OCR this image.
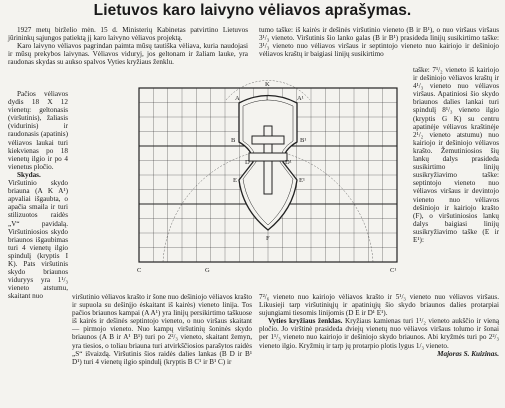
Lietuvos karo laivyno vėliavos aprašymas.

1927 metų birželio mėn. 15 d. Ministerių Kabinetas patvirtino Lietuvos jūrininkų sąjungos patiektą jį karo laivyno vėliavos projektą.

Karo laivyno vėliavos pagrindan paimta mūsų tautiška vėliava, kuria naudojasi ir mūsų prekybos laivynas. Vėliavos viduryj, jos geltonam ir žaliam lauke, yra raudonas skydas su aukso spalvos Vyties kryžiaus ženklu.

tumo taške: iš kairės ir dešinės viršutinio vieneto (B ir B¹), o nuo viršaus viršaus 3¹/₃ vieneto. Viršutinis šio lanko galas (B ir B¹) prasideda linijų susikirtimo taške: 3¹/₃ vieneto nuo vėliavos viršaus ir septintojo vieneto nuo kairiojo ir dešiniojo vėliavos kraštų ir baigiasi linijų susikirtimo

Pačios vėliavos dydis 18 X 12 vienetų: geltonasis (viršutinis), žaliasis (vidurinis) ir raudonasis (apatinis) vėliavos laukai turi kiekvienas po 18 vienetų ilgio ir po 4 vienetus pločio.

Skydas. Viršutinio skydo briauna (A K A¹) apvaliai išgaubta, o apačia smaila ir turi stilizuotos raidės „V“ pavidalą. Viršutiniosios skydo briaunos išgaubimas turi 4 vienetų ilgio spindulį (kryptis I K). Pats viršutinis skydo briaunos viduryys yra 1¹/₃ vieneto atstumu, skaitant nuo

taške: 7¹/₂ vieneto iš kairiojo ir dešiniojo vėliavos kraštų ir 4¹/₃ vieneto nuo vėliavos viršaus. Apatiniosi šio skydo briaunos dalies lankai turi spindulį 8¹/₃ vieneto ilgio (kryptis G K) su centru apatinėje vėliavos kraštinėje 2¹/₂ vieneto atstumu) nuo kairiojo ir dešiniojo vėliavos krašto. Žemutiniosios šių lankų dalys prasideda susikirtimo linijų susikryžiavimo taške: septintojo vieneto nuo vėliavos viršaus ir devintojo vieneto nuo vėliavos dešiniojo ir kairiojo krašto (F), o viršutiniosios lankų dalys baigiasi linijų susikryžiavimo taške (E ir E¹):

A
K
A¹
B	B¹
C	C¹
D	D¹
E	E¹
F
G
I

viršutinio vėliavos krašto ir šone nuo dešiniojo vėliavos krašto ir supuola su dešinįjo ėskaitant iš kairės) vieneto linija. Tos pačios briaunos kampai (A A¹) yra linijų persikirtimo taškuose iš kairės ir dešinės septintojo vieneto, o nuo viršaus skaitant — pirmojo vieneto. Nuo kampų viršutinių šoninės skydo briaunos (A B ir A¹ B¹) turi po 2²/₃ vieneto, skaitant žemyn, yra tiesios, o toliau briauna turi atvirkščiosios parašytos raidės „S“ išvaizdą. Viršutinis šios raidės dalies lankas (B D ir B¹ D¹) turi 4 vienetų ilgio spindulį (kryptis B C¹ ir B¹ C) ir

7²/₆ vieneto nuo kairiojo vėliavos krašto ir 5¹/₃ vieneto nuo vėliavos viršaus. Likusieji tarp viršutiniųjų ir apatiniųjų šio skydo briaunos dalies protarpiai sujungiami tiesomis linijomis (D E ir D¹ E¹).

Vyties kryžiaus ženklas. Kryžiaus kamienas turi 1¹/₂ vieneto aukščio ir vieną pločio. Jo virštinė prasideda dviejų vienetų nuo vėliavos viršaus tolumo ir šonai per 1¹/₃ vieneto nuo kairiojo ir dešiniojo skydo briaunos. Abi kryžmės turi po 2²/₃ vieneto ilgio. Kryžmių ir tarp jų protarpio plotis lygus 1/₃ vieneto.

Majoras S. Kuizinas.
